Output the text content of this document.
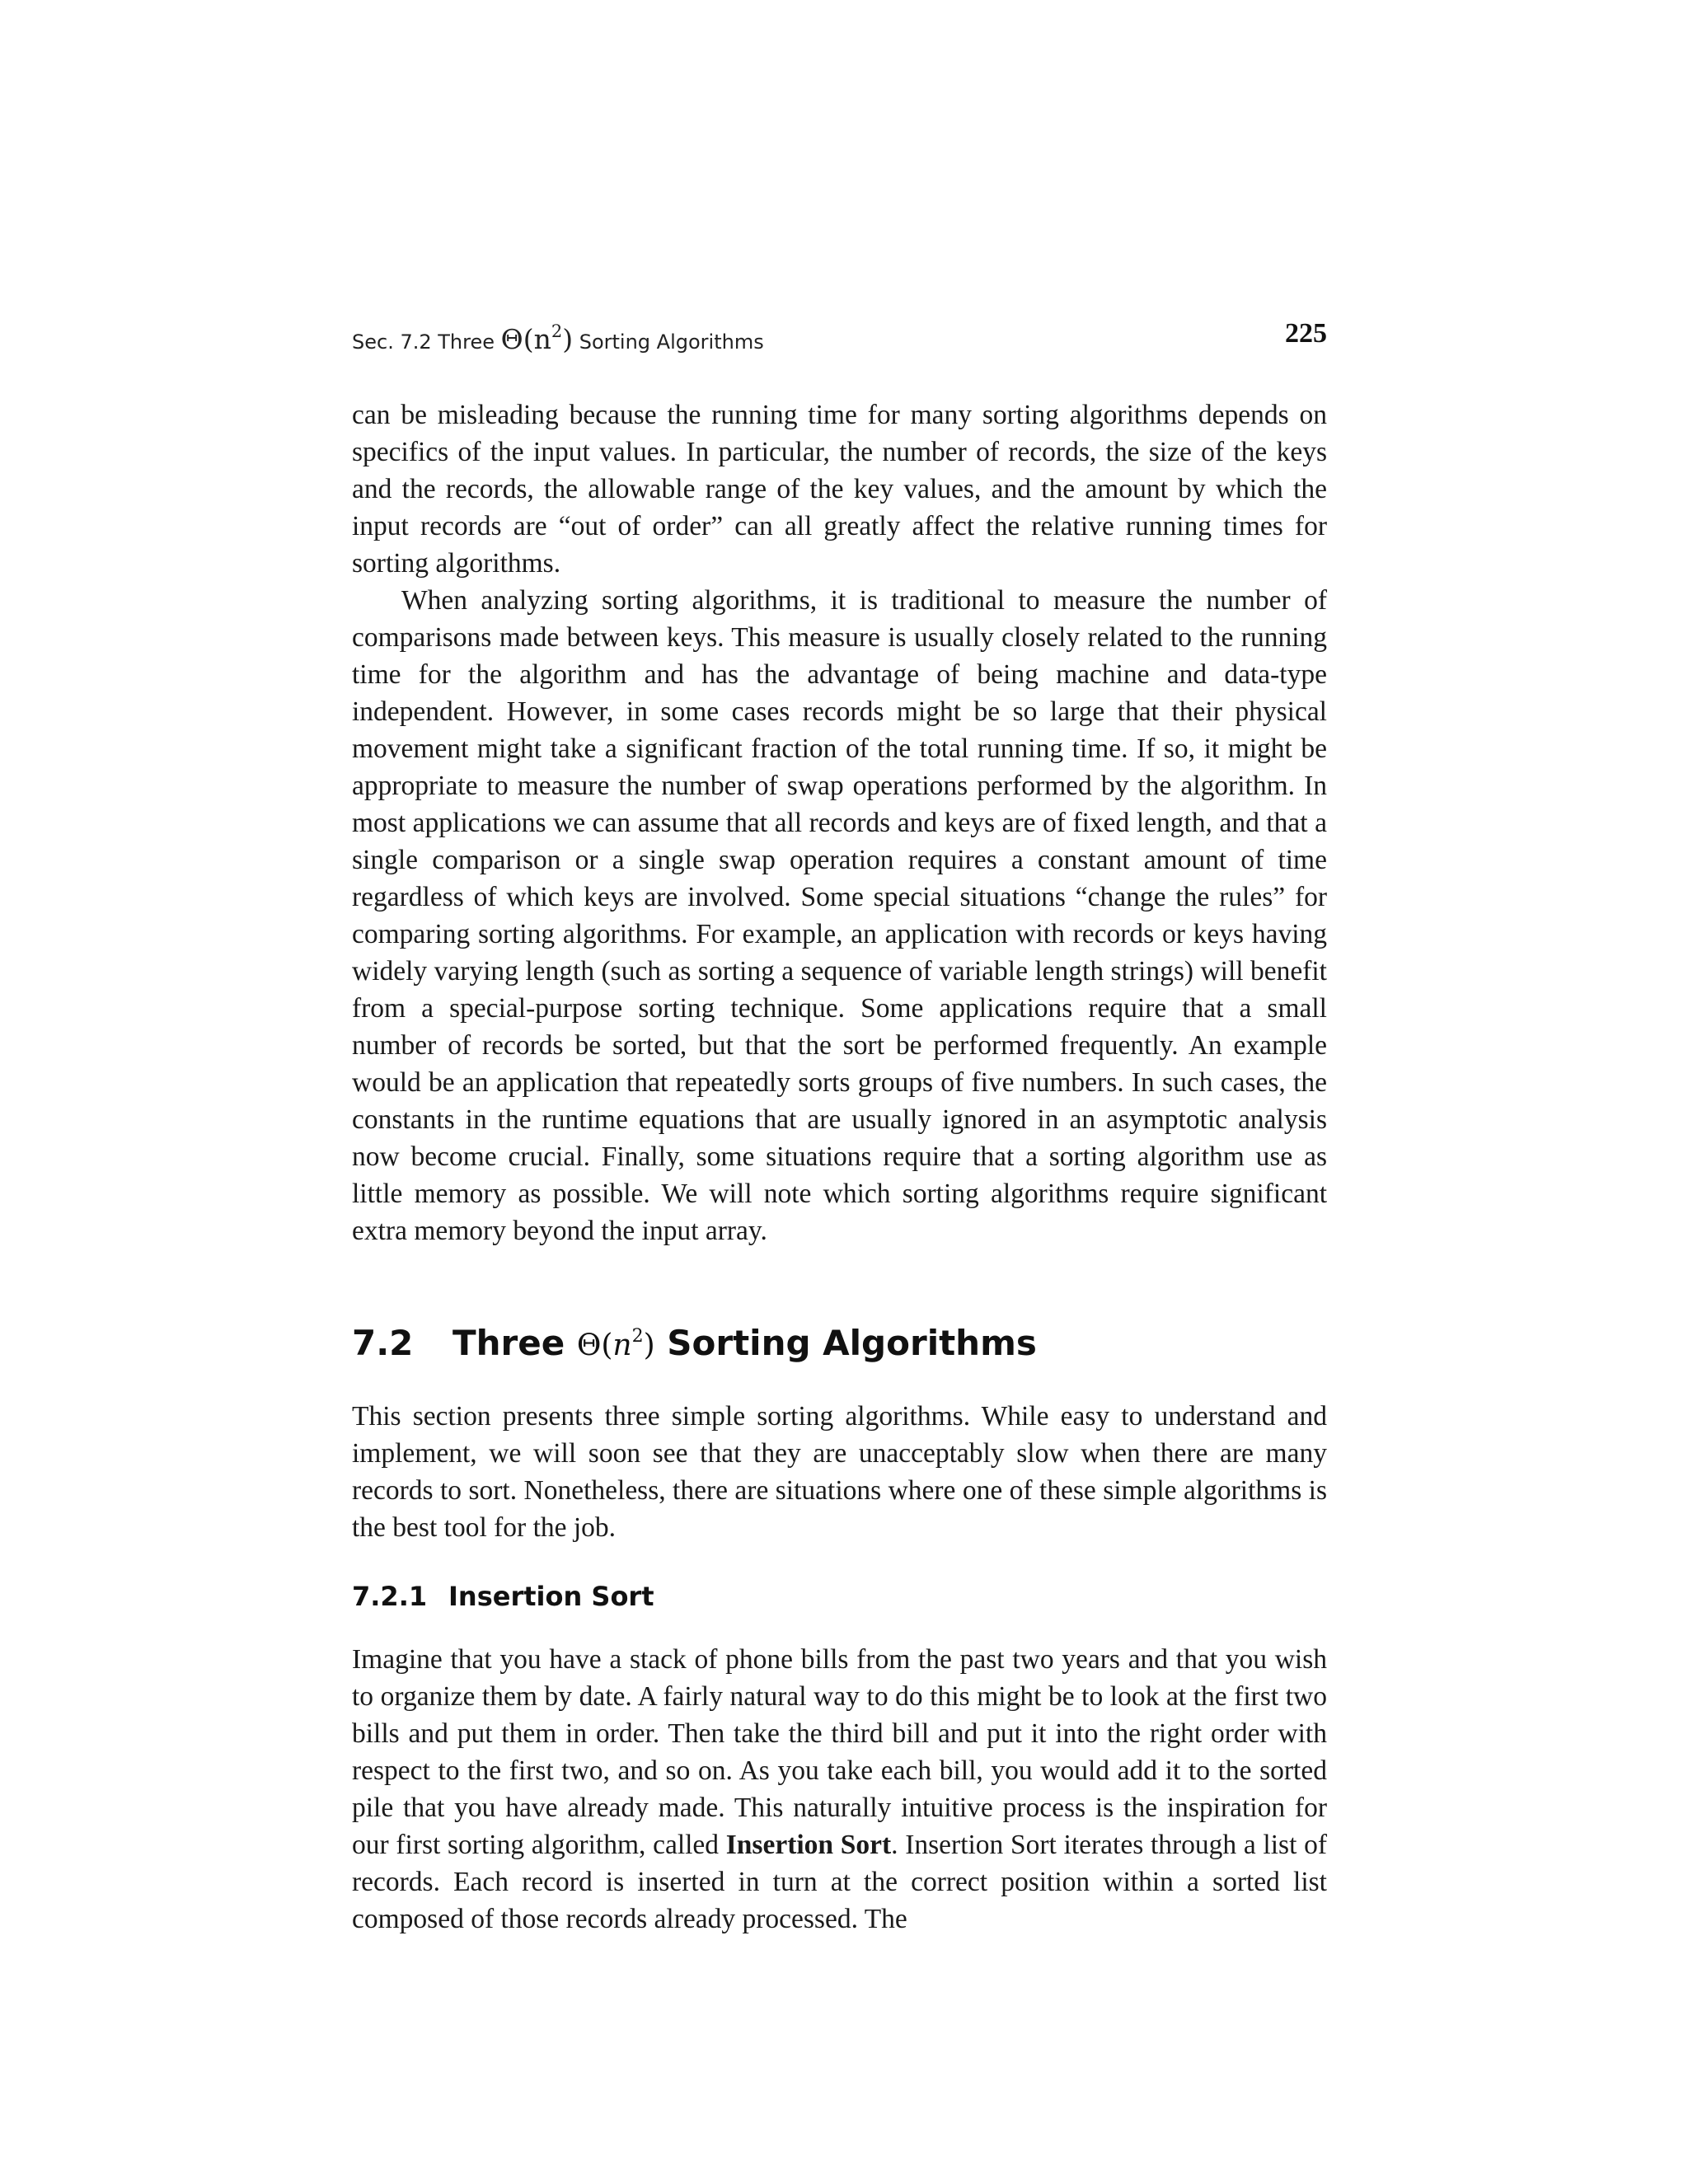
Sec. 7.2 Three $\Theta(n^2)$ Sorting Algorithms	225

can be misleading because the running time for many sorting algorithms depends on specifics of the input values. In particular, the number of records, the size of the keys and the records, the allowable range of the key values, and the amount by which the input records are “out of order” can all greatly affect the relative running times for sorting algorithms.

When analyzing sorting algorithms, it is traditional to measure the number of comparisons made between keys. This measure is usually closely related to the running time for the algorithm and has the advantage of being machine and data-type independent. However, in some cases records might be so large that their physical movement might take a significant fraction of the total running time. If so, it might be appropriate to measure the number of swap operations performed by the algorithm. In most applications we can assume that all records and keys are of fixed length, and that a single comparison or a single swap operation requires a constant amount of time regardless of which keys are involved. Some special situations “change the rules” for comparing sorting algorithms. For example, an application with records or keys having widely varying length (such as sorting a sequence of variable length strings) will benefit from a special-purpose sorting technique. Some applications require that a small number of records be sorted, but that the sort be performed frequently. An example would be an application that repeatedly sorts groups of five numbers. In such cases, the constants in the runtime equations that are usually ignored in an asymptotic analysis now become crucial. Finally, some situations require that a sorting algorithm use as little memory as possible. We will note which sorting algorithms require significant extra memory beyond the input array.

7.2 Three $\Theta(n^2)$ Sorting Algorithms

This section presents three simple sorting algorithms. While easy to understand and implement, we will soon see that they are unacceptably slow when there are many records to sort. Nonetheless, there are situations where one of these simple algorithms is the best tool for the job.

7.2.1 Insertion Sort

Imagine that you have a stack of phone bills from the past two years and that you wish to organize them by date. A fairly natural way to do this might be to look at the first two bills and put them in order. Then take the third bill and put it into the right order with respect to the first two, and so on. As you take each bill, you would add it to the sorted pile that you have already made. This naturally intuitive process is the inspiration for our first sorting algorithm, called Insertion Sort. Insertion Sort iterates through a list of records. Each record is inserted in turn at the correct position within a sorted list composed of those records already processed. The
